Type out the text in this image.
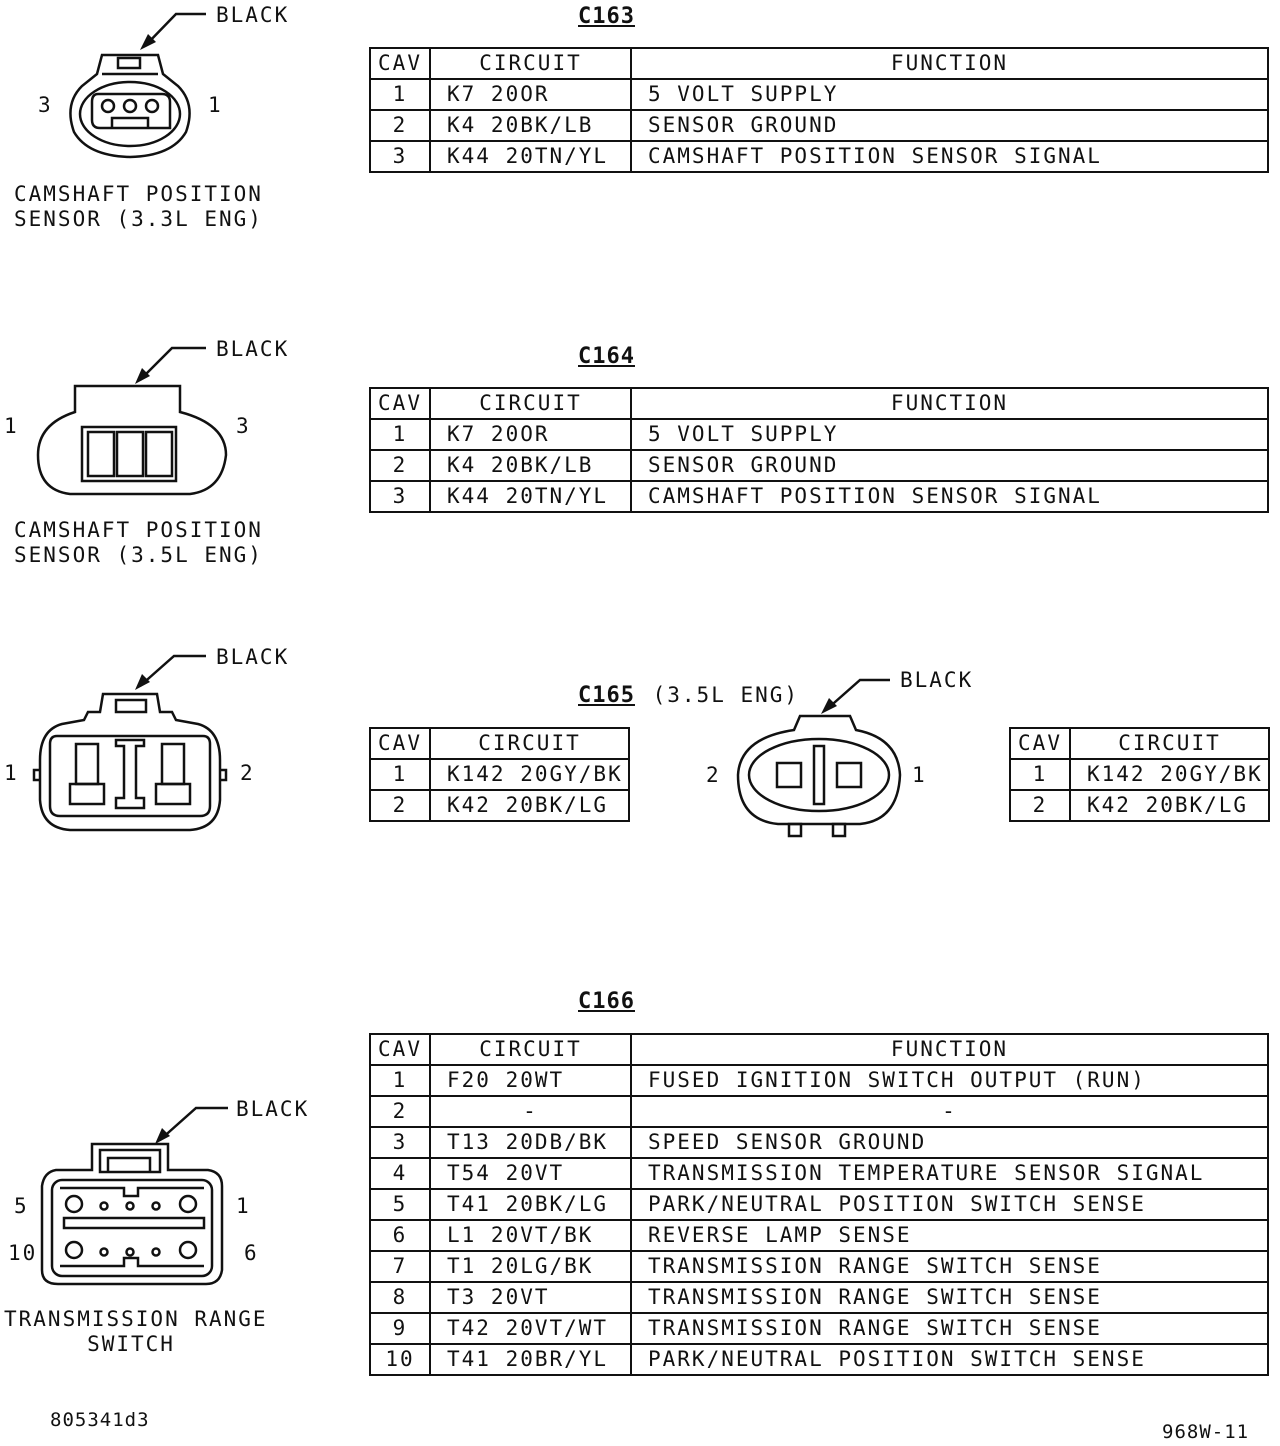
BLACK
3	1
CAMSHAFT POSITION
SENSOR (3.3L ENG)
C163
CAV	CIRCUIT	FUNCTION
1	K7 20OR	5 VOLT SUPPLY
2	K4 20BK/LB	SENSOR GROUND
3	K44 20TN/YL	CAMSHAFT POSITION SENSOR SIGNAL
BLACK
1	3
CAMSHAFT POSITION
SENSOR (3.5L ENG)
C164
CAV	CIRCUIT	FUNCTION
1	K7 20OR	5 VOLT SUPPLY
2	K4 20BK/LB	SENSOR GROUND
3	K44 20TN/YL	CAMSHAFT POSITION SENSOR SIGNAL
BLACK
1	2
C165 (3.5L ENG)
BLACK
2	1
CAV	CIRCUIT
1	K142 20GY/BK
2	K42 20BK/LG
CAV	CIRCUIT
1	K142 20GY/BK
2	K42 20BK/LG
BLACK
5	1
10	6
TRANSMISSION RANGE
SWITCH
C166
CAV	CIRCUIT	FUNCTION
1	F20 20WT	FUSED IGNITION SWITCH OUTPUT (RUN)
2	-	-
3	T13 20DB/BK	SPEED SENSOR GROUND
4	T54 20VT	TRANSMISSION TEMPERATURE SENSOR SIGNAL
5	T41 20BK/LG	PARK/NEUTRAL POSITION SWITCH SENSE
6	L1 20VT/BK	REVERSE LAMP SENSE
7	T1 20LG/BK	TRANSMISSION RANGE SWITCH SENSE
8	T3 20VT	TRANSMISSION RANGE SWITCH SENSE
9	T42 20VT/WT	TRANSMISSION RANGE SWITCH SENSE
10	T41 20BR/YL	PARK/NEUTRAL POSITION SWITCH SENSE
805341d3
968W-11
